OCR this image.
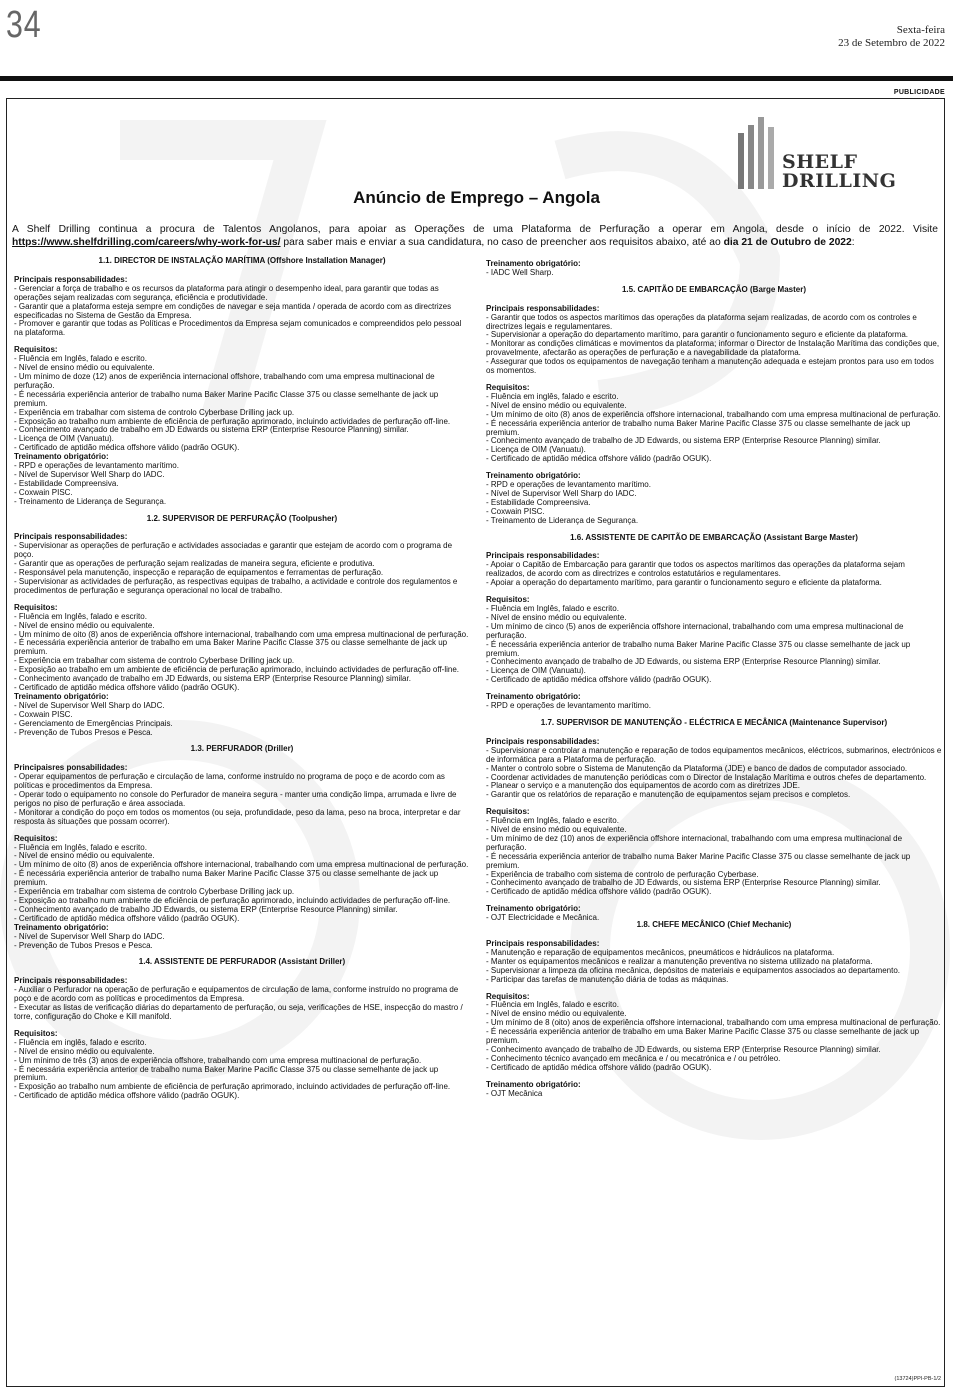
34	Sexta-feira
23 de Setembro de 2022
PUBLICIDADE
SHELF
DRILLING
Anúncio de Emprego – Angola
A Shelf Drilling continua a procura de Talentos Angolanos, para apoiar as Operações de uma Plataforma de Perfuração a operar em Angola, desde o início de 2022. Visite https://www.shelfdrilling.com/careers/why-work-for-us/ para saber mais e enviar a sua candidatura, no caso de preencher aos requisitos abaixo, até ao dia 21 de Outubro de 2022:
1.1. DIRECTOR DE INSTALAÇÃO MARÍTIMA (Offshore Installation Manager)
Principais responsabilidades:
- Gerenciar a força de trabalho e os recursos da plataforma para atingir o desempenho ideal, para garantir que todas as operações sejam realizadas com segurança, eficiência e produtividade.
- Garantir que a plataforma esteja sempre em condições de navegar e seja mantida / operada de acordo com as directrizes especificadas no Sistema de Gestão da Empresa.
- Promover e garantir que todas as Políticas e Procedimentos da Empresa sejam comunicados e compreendidos pelo pessoal na plataforma.
Requisitos:
- Fluência em Inglês, falado e escrito.
- Nível de ensino médio ou equivalente.
- Um mínimo de doze (12) anos de experiência internacional offshore, trabalhando com uma empresa multinacional de perfuração.
- É necessária experiência anterior de trabalho numa Baker Marine Pacific Classe 375 ou classe semelhante de jack up premium.
- Experiência em trabalhar com sistema de controlo Cyberbase Drilling jack up.
- Exposição ao trabalho num ambiente de eficiência de perfuração aprimorado, incluindo actividades de perfuração off-line.
- Conhecimento avançado de trabalho em JD Edwards ou sistema ERP (Enterprise Resource Planning) similar.
- Licença de OIM (Vanuatu).
- Certificado de aptidão médica offshore válido (padrão OGUK).
Treinamento obrigatório:
- RPD e operações de levantamento marítimo.
- Nível de Supervisor Well Sharp do IADC.
- Estabilidade Compreensiva.
- Coxwain PISC.
- Treinamento de Liderança de Segurança.
1.2. SUPERVISOR DE PERFURAÇÃO (Toolpusher)
Principais responsabilidades:
- Supervisionar as operações de perfuração e actividades associadas e garantir que estejam de acordo com o programa de poço.
- Garantir que as operações de perfuração sejam realizadas de maneira segura, eficiente e produtiva.
- Responsável pela manutenção, inspecção e reparação de equipamentos e ferramentas de perfuração.
- Supervisionar as actividades de perfuração, as respectivas equipas de trabalho, a actividade e controle dos regulamentos e procedimentos de perfuração e segurança operacional no local de trabalho.
Requisitos:
- Fluência em Inglês, falado e escrito.
- Nível de ensino médio ou equivalente.
- Um mínimo de oito (8) anos de experiência offshore internacional, trabalhando com uma empresa multinacional de perfuração.
- É necessária experiência anterior de trabalho em uma Baker Marine Pacific Classe 375 ou classe semelhante de jack up premium.
- Experiência em trabalhar com sistema de controlo Cyberbase Drilling jack up.
- Exposição ao trabalho em um ambiente de eficiência de perfuração aprimorado, incluindo actividades de perfuração off-line.
- Conhecimento avançado de trabalho em JD Edwards, ou sistema ERP (Enterprise Resource Planning) similar.
- Certificado de aptidão médica offshore válido (padrão OGUK).
Treinamento obrigatório:
- Nível de Supervisor Well Sharp do IADC.
- Coxwain PISC.
- Gerenciamento de Emergências Principais.
- Prevenção de Tubos Presos e Pesca.
1.3. PERFURADOR (Driller)
Principaisres ponsabilidades:
- Operar equipamentos de perfuração e circulação de lama, conforme instruído no programa de poço e de acordo com as políticas e procedimentos da Empresa.
- Operar todo o equipamento no console do Perfurador de maneira segura - manter uma condição limpa, arrumada e livre de perigos no piso de perfuração e área associada.
- Monitorar a condição do poço em todos os momentos (ou seja, profundidade, peso da lama, peso na broca, interpretar e dar resposta às situações que possam ocorrer).
Requisitos:
- Fluência em Inglês, falado e escrito.
- Nível de ensino médio ou equivalente.
- Um mínimo de oito (8) anos de experiência offshore internacional, trabalhando com uma empresa multinacional de perfuração.
- É necessária experiência anterior de trabalho numa Baker Marine Pacific Classe 375 ou classe semelhante de jack up premium.
- Experiência em trabalhar com sistema de controlo Cyberbase Drilling jack up.
- Exposição ao trabalho num ambiente de eficiência de perfuração aprimorado, incluindo actividades de perfuração off-line.
- Conhecimento avançado de trabalho JD Edwards, ou sistema ERP (Enterprise Resource Planning) similar.
- Certificado de aptidão médica offshore válido (padrão OGUK).
Treinamento obrigatório:
- Nível de Supervisor Well Sharp do IADC.
- Prevenção de Tubos Presos e Pesca.
1.4. ASSISTENTE DE PERFURADOR (Assistant Driller)
Principais responsabilidades:
- Auxiliar o Perfurador na operação de perfuração e equipamentos de circulação de lama, conforme instruído no programa de poço e de acordo com as políticas e procedimentos da Empresa.
- Executar as listas de verificação diárias do departamento de perfuração, ou seja, verificações de HSE, inspecção do mastro / torre, configuração do Choke e Kill manifold.
Requisitos:
- Fluência em inglês, falado e escrito.
- Nível de ensino médio ou equivalente.
- Um mínimo de três (3) anos de experiência offshore, trabalhando com uma empresa multinacional de perfuração.
- É necessária experiência anterior de trabalho numa Baker Marine Pacific Classe 375 ou classe semelhante de jack up premium.
- Exposição ao trabalho num ambiente de eficiência de perfuração aprimorado, incluindo actividades de perfuração off-line.
- Certificado de aptidão médica offshore válido (padrão OGUK).
Treinamento obrigatório:
- IADC Well Sharp.
1.5. CAPITÃO DE EMBARCAÇÃO (Barge Master)
Principais responsabilidades:
- Garantir que todos os aspectos marítimos das operações da plataforma sejam realizadas, de acordo com os controles e directrizes legais e regulamentares.
- Supervisionar a operação do departamento marítimo, para garantir o funcionamento seguro e eficiente da plataforma.
- Monitorar as condições climáticas e movimentos da plataforma; informar o Director de Instalação Marítima das condições que, provavelmente, afectarão as operações de perfuração e a navegabilidade da plataforma.
- Assegurar que todos os equipamentos de navegação tenham a manutenção adequada e estejam prontos para uso em todos os momentos.
Requisitos:
- Fluência em inglês, falado e escrito.
- Nível de ensino médio ou equivalente.
- Um mínimo de oito (8) anos de experiência offshore internacional, trabalhando com uma empresa multinacional de perfuração.
- É necessária experiência anterior de trabalho numa Baker Marine Pacific Classe 375 ou classe semelhante de jack up premium.
- Conhecimento avançado de trabalho de JD Edwards, ou sistema ERP (Enterprise Resource Planning) similar.
- Licença de OIM (Vanuatu).
- Certificado de aptidão médica offshore válido (padrão OGUK).
Treinamento obrigatório:
- RPD e operações de levantamento marítimo.
- Nível de Supervisor Well Sharp do IADC.
- Estabilidade Compreensiva.
- Coxwain PISC.
- Treinamento de Liderança de Segurança.
1.6. ASSISTENTE DE CAPITÃO DE EMBARCAÇÃO (Assistant Barge Master)
Principais responsabilidades:
- Apoiar o Capitão de Embarcação para garantir que todos os aspectos marítimos das operações da plataforma sejam realizados, de acordo com as directrizes e controlos estatutários e regulamentares.
- Apoiar a operação do departamento marítimo, para garantir o funcionamento seguro e eficiente da plataforma.
Requisitos:
- Fluência em Inglês, falado e escrito.
- Nível de ensino médio ou equivalente.
- Um mínimo de cinco (5) anos de experiência offshore internacional, trabalhando com uma empresa multinacional de perfuração.
- É necessária experiência anterior de trabalho numa Baker Marine Pacific Classe 375 ou classe semelhante de jack up premium.
- Conhecimento avançado de trabalho de JD Edwards, ou sistema ERP (Enterprise Resource Planning) similar.
- Licença de OIM (Vanuatu).
- Certificado de aptidão médica offshore válido (padrão OGUK).
Treinamento obrigatório:
- RPD e operações de levantamento marítimo.
1.7. SUPERVISOR DE MANUTENÇÃO - ELÉCTRICA E MECÂNICA (Maintenance Supervisor)
Principais responsabilidades:
- Supervisionar e controlar a manutenção e reparação de todos equipamentos mecânicos, eléctricos, submarinos, electrónicos e de informática para a Plataforma de perfuração.
- Manter o controlo sobre o Sistema de Manutenção da Plataforma (JDE) e banco de dados de computador associado.
- Coordenar actividades de manutenção periódicas com o Director de Instalação Marítima e outros chefes de departamento.
- Planear o serviço e a manutenção dos equipamentos de acordo com as diretrizes JDE.
- Garantir que os relatórios de reparação e manutenção de equipamentos sejam precisos e completos.
Requisitos:
- Fluência em Inglês, falado e escrito.
- Nível de ensino médio ou equivalente.
- Um mínimo de dez (10) anos de experiência offshore internacional, trabalhando com uma empresa multinacional de perfuração.
- É necessária experiência anterior de trabalho numa Baker Marine Pacific Classe 375 ou classe semelhante de jack up premium.
- Experiência de trabalho com sistema de controlo de perfuração Cyberbase.
- Conhecimento avançado de trabalho de JD Edwards, ou sistema ERP (Enterprise Resource Planning) similar.
- Certificado de aptidão médica offshore válido (padrão OGUK).
Treinamento obrigatório:
- OJT Electricidade e Mecânica.
1.8. CHEFE MECÂNICO (Chief Mechanic)
Principais responsabilidades:
- Manutenção e reparação de equipamentos mecânicos, pneumáticos e hidráulicos na plataforma.
- Manter os equipamentos mecânicos e realizar a manutenção preventiva no sistema utilizado na plataforma.
- Supervisionar a limpeza da oficina mecânica, depósitos de materiais e equipamentos associados ao departamento.
- Participar das tarefas de manutenção diária de todas as máquinas.
Requisitos:
- Fluência em Inglês, falado e escrito.
- Nível de ensino médio ou equivalente.
- Um mínimo de 8 (oito) anos de experiência offshore internacional, trabalhando com uma empresa multinacional de perfuração.
- É necessária experiência anterior de trabalho em uma Baker Marine Pacific Classe 375 ou classe semelhante de jack up premium.
- Conhecimento avançado de trabalho de JD Edwards, ou sistema ERP (Enterprise Resource Planning) similar.
- Conhecimento técnico avançado em mecânica e / ou mecatrónica e / ou petróleo.
- Certificado de aptidão médica offshore válido (padrão OGUK).
Treinamento obrigatório:
- OJT Mecânica
(13724)PPI-PB-1/2
